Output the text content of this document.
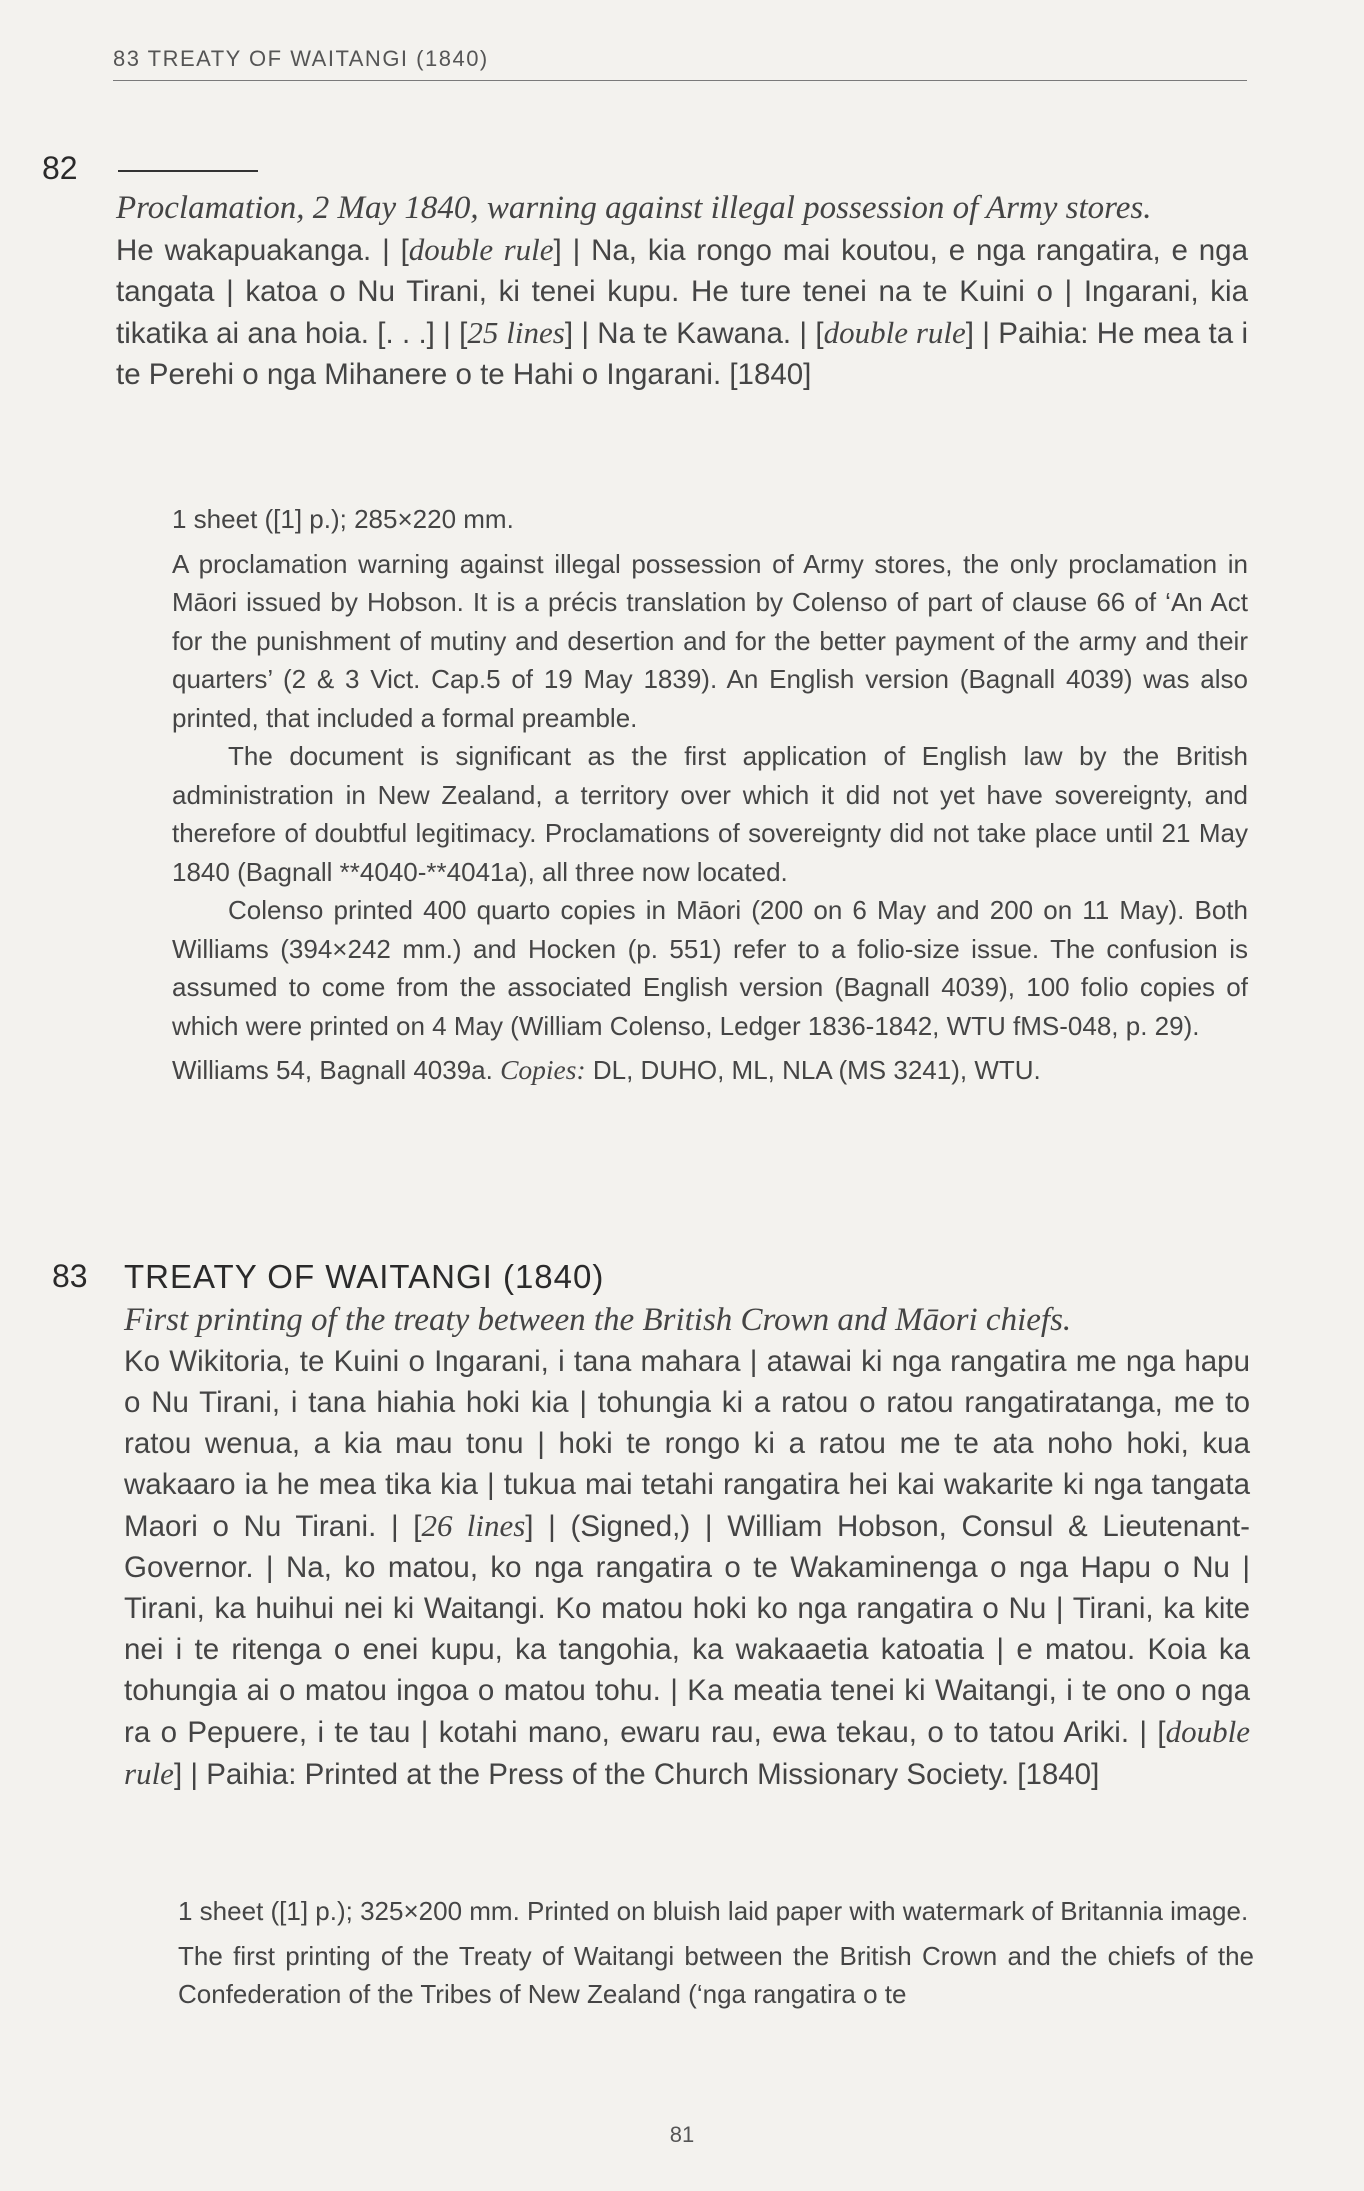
83 TREATY OF WAITANGI (1840)
82

Proclamation, 2 May 1840, warning against illegal possession of Army stores.

He wakapuakanga. | [double rule] | Na, kia rongo mai koutou, e nga rangatira, e nga tangata | katoa o Nu Tirani, ki tenei kupu. He ture tenei na te Kuini o | Ingarani, kia tikatika ai ana hoia. [. . .] | [25 lines] | Na te Kawana. | [double rule] | Paihia: He mea ta i te Perehi o nga Mihanere o te Hahi o Ingarani. [1840]

1 sheet ([1] p.); 285×220 mm.

A proclamation warning against illegal possession of Army stores, the only proclamation in Māori issued by Hobson. It is a précis translation by Colenso of part of clause 66 of ‘An Act for the punishment of mutiny and desertion and for the better payment of the army and their quarters’ (2 & 3 Vict. Cap.5 of 19 May 1839). An English version (Bagnall 4039) was also printed, that included a formal preamble.

The document is significant as the first application of English law by the British administration in New Zealand, a territory over which it did not yet have sovereignty, and therefore of doubtful legitimacy. Proclamations of sovereignty did not take place until 21 May 1840 (Bagnall **4040-**4041a), all three now located.

Colenso printed 400 quarto copies in Māori (200 on 6 May and 200 on 11 May). Both Williams (394×242 mm.) and Hocken (p. 551) refer to a folio-size issue. The confusion is assumed to come from the associated English version (Bagnall 4039), 100 folio copies of which were printed on 4 May (William Colenso, Ledger 1836-1842, WTU fMS-048, p. 29).

Williams 54, Bagnall 4039a. Copies: DL, DUHO, ML, NLA (MS 3241), WTU.

83 TREATY OF WAITANGI (1840)

First printing of the treaty between the British Crown and Māori chiefs.

Ko Wikitoria, te Kuini o Ingarani, i tana mahara | atawai ki nga rangatira me nga hapu o Nu Tirani, i tana hiahia hoki kia | tohungia ki a ratou o ratou rangatiratanga, me to ratou wenua, a kia mau tonu | hoki te rongo ki a ratou me te ata noho hoki, kua wakaaro ia he mea tika kia | tukua mai tetahi rangatira hei kai wakarite ki nga tangata Maori o Nu Tirani. | [26 lines] | (Signed,) | William Hobson, Consul & Lieutenant-Governor. | Na, ko matou, ko nga rangatira o te Wakaminenga o nga Hapu o Nu | Tirani, ka huihui nei ki Waitangi. Ko matou hoki ko nga rangatira o Nu | Tirani, ka kite nei i te ritenga o enei kupu, ka tangohia, ka wakaaetia katoatia | e matou. Koia ka tohungia ai o matou ingoa o matou tohu. | Ka meatia tenei ki Waitangi, i te ono o nga ra o Pepuere, i te tau | kotahi mano, ewaru rau, ewa tekau, o to tatou Ariki. | [double rule] | Paihia: Printed at the Press of the Church Missionary Society. [1840]

1 sheet ([1] p.); 325×200 mm. Printed on bluish laid paper with watermark of Britannia image.

The first printing of the Treaty of Waitangi between the British Crown and the chiefs of the Confederation of the Tribes of New Zealand (‘nga rangatira o te

81
